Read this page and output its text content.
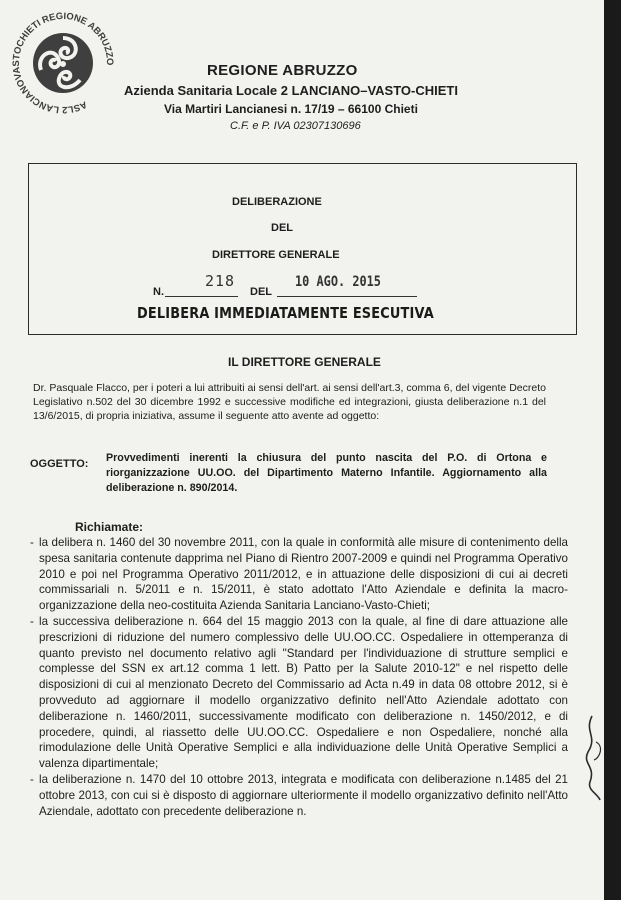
ASL2 LANCIANOVASTOCHIETI REGIONE ABRUZZO
REGIONE ABRUZZO
Azienda Sanitaria Locale 2 LANCIANO–VASTO-CHIETI
Via Martiri Lancianesi n. 17/19 – 66100 Chieti
C.F. e P. IVA 02307130696
DELIBERAZIONE
DEL
DIRETTORE GENERALE
N.
218
DEL
10 AGO. 2015
DELIBERA IMMEDIATAMENTE ESECUTIVA
IL DIRETTORE GENERALE
Dr. Pasquale Flacco, per i poteri a lui attribuiti ai sensi dell'art. ai sensi dell'art.3, comma 6, del vigente Decreto Legislativo n.502 del 30 dicembre 1992 e successive modifiche ed integrazioni, giusta deliberazione n.1 del 13/6/2015, di propria iniziativa, assume il seguente atto avente ad oggetto:
OGGETTO: Provvedimenti inerenti la chiusura del punto nascita del P.O. di Ortona e riorganizzazione UU.OO. del Dipartimento Materno Infantile. Aggiornamento alla deliberazione n. 890/2014.
Richiamate:
- la delibera n. 1460 del 30 novembre 2011, con la quale in conformità alle misure di contenimento della spesa sanitaria contenute dapprima nel Piano di Rientro 2007-2009 e quindi nel Programma Operativo 2010 e poi nel Programma Operativo 2011/2012, e in attuazione delle disposizioni di cui ai decreti commissariali n. 5/2011 e n. 15/2011, è stato adottato l'Atto Aziendale e definita la macro-organizzazione della neo-costituita Azienda Sanitaria Lanciano-Vasto-Chieti;
- la successiva deliberazione n. 664 del 15 maggio 2013 con la quale, al fine di dare attuazione alle prescrizioni di riduzione del numero complessivo delle UU.OO.CC. Ospedaliere in ottemperanza di quanto previsto nel documento relativo agli "Standard per l'individuazione di strutture semplici e complesse del SSN ex art.12 comma 1 lett. B) Patto per la Salute 2010-12" e nel rispetto delle disposizioni di cui al menzionato Decreto del Commissario ad Acta n.49 in data 08 ottobre 2012, si è provveduto ad aggiornare il modello organizzativo definito nell'Atto Aziendale adottato con deliberazione n. 1460/2011, successivamente modificato con deliberazione n. 1450/2012, e di procedere, quindi, al riassetto delle UU.OO.CC. Ospedaliere e non Ospedaliere, nonché alla rimodulazione delle Unità Operative Semplici e alla individuazione delle Unità Operative Semplici a valenza dipartimentale;
- la deliberazione n. 1470 del 10 ottobre 2013, integrata e modificata con deliberazione n.1485 del 21 ottobre 2013, con cui si è disposto di aggiornare ulteriormente il modello organizzativo definito nell'Atto Aziendale, adottato con precedente deliberazione n.
